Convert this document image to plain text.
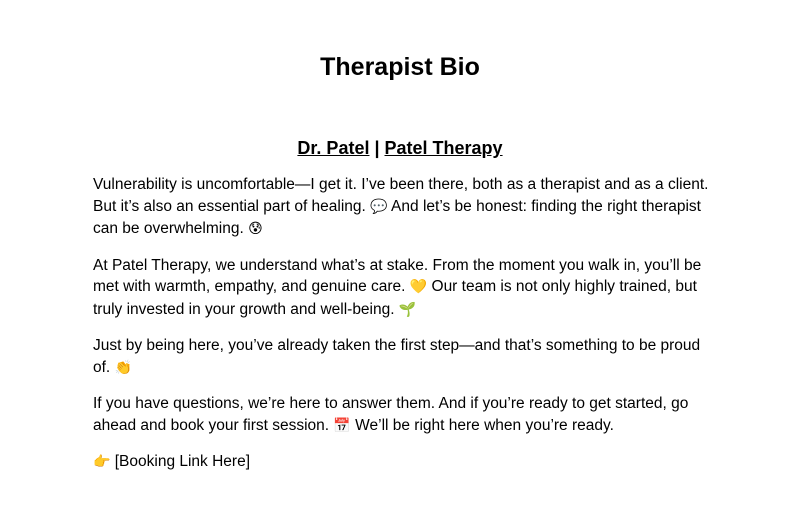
Therapist Bio
Dr. Patel | Patel Therapy

Vulnerability is uncomfortable—I get it. I’ve been there, both as a therapist and as a client. But it’s also an essential part of healing. 💬 And let’s be honest: finding the right therapist can be overwhelming. 😰

At Patel Therapy, we understand what’s at stake. From the moment you walk in, you’ll be met with warmth, empathy, and genuine care. 💛 Our team is not only highly trained, but truly invested in your growth and well-being. 🌱

Just by being here, you’ve already taken the first step—and that’s something to be proud of. 👏

If you have questions, we’re here to answer them. And if you’re ready to get started, go ahead and book your first session. 📅 We’ll be right here when you’re ready.

👉 [Booking Link Here]
